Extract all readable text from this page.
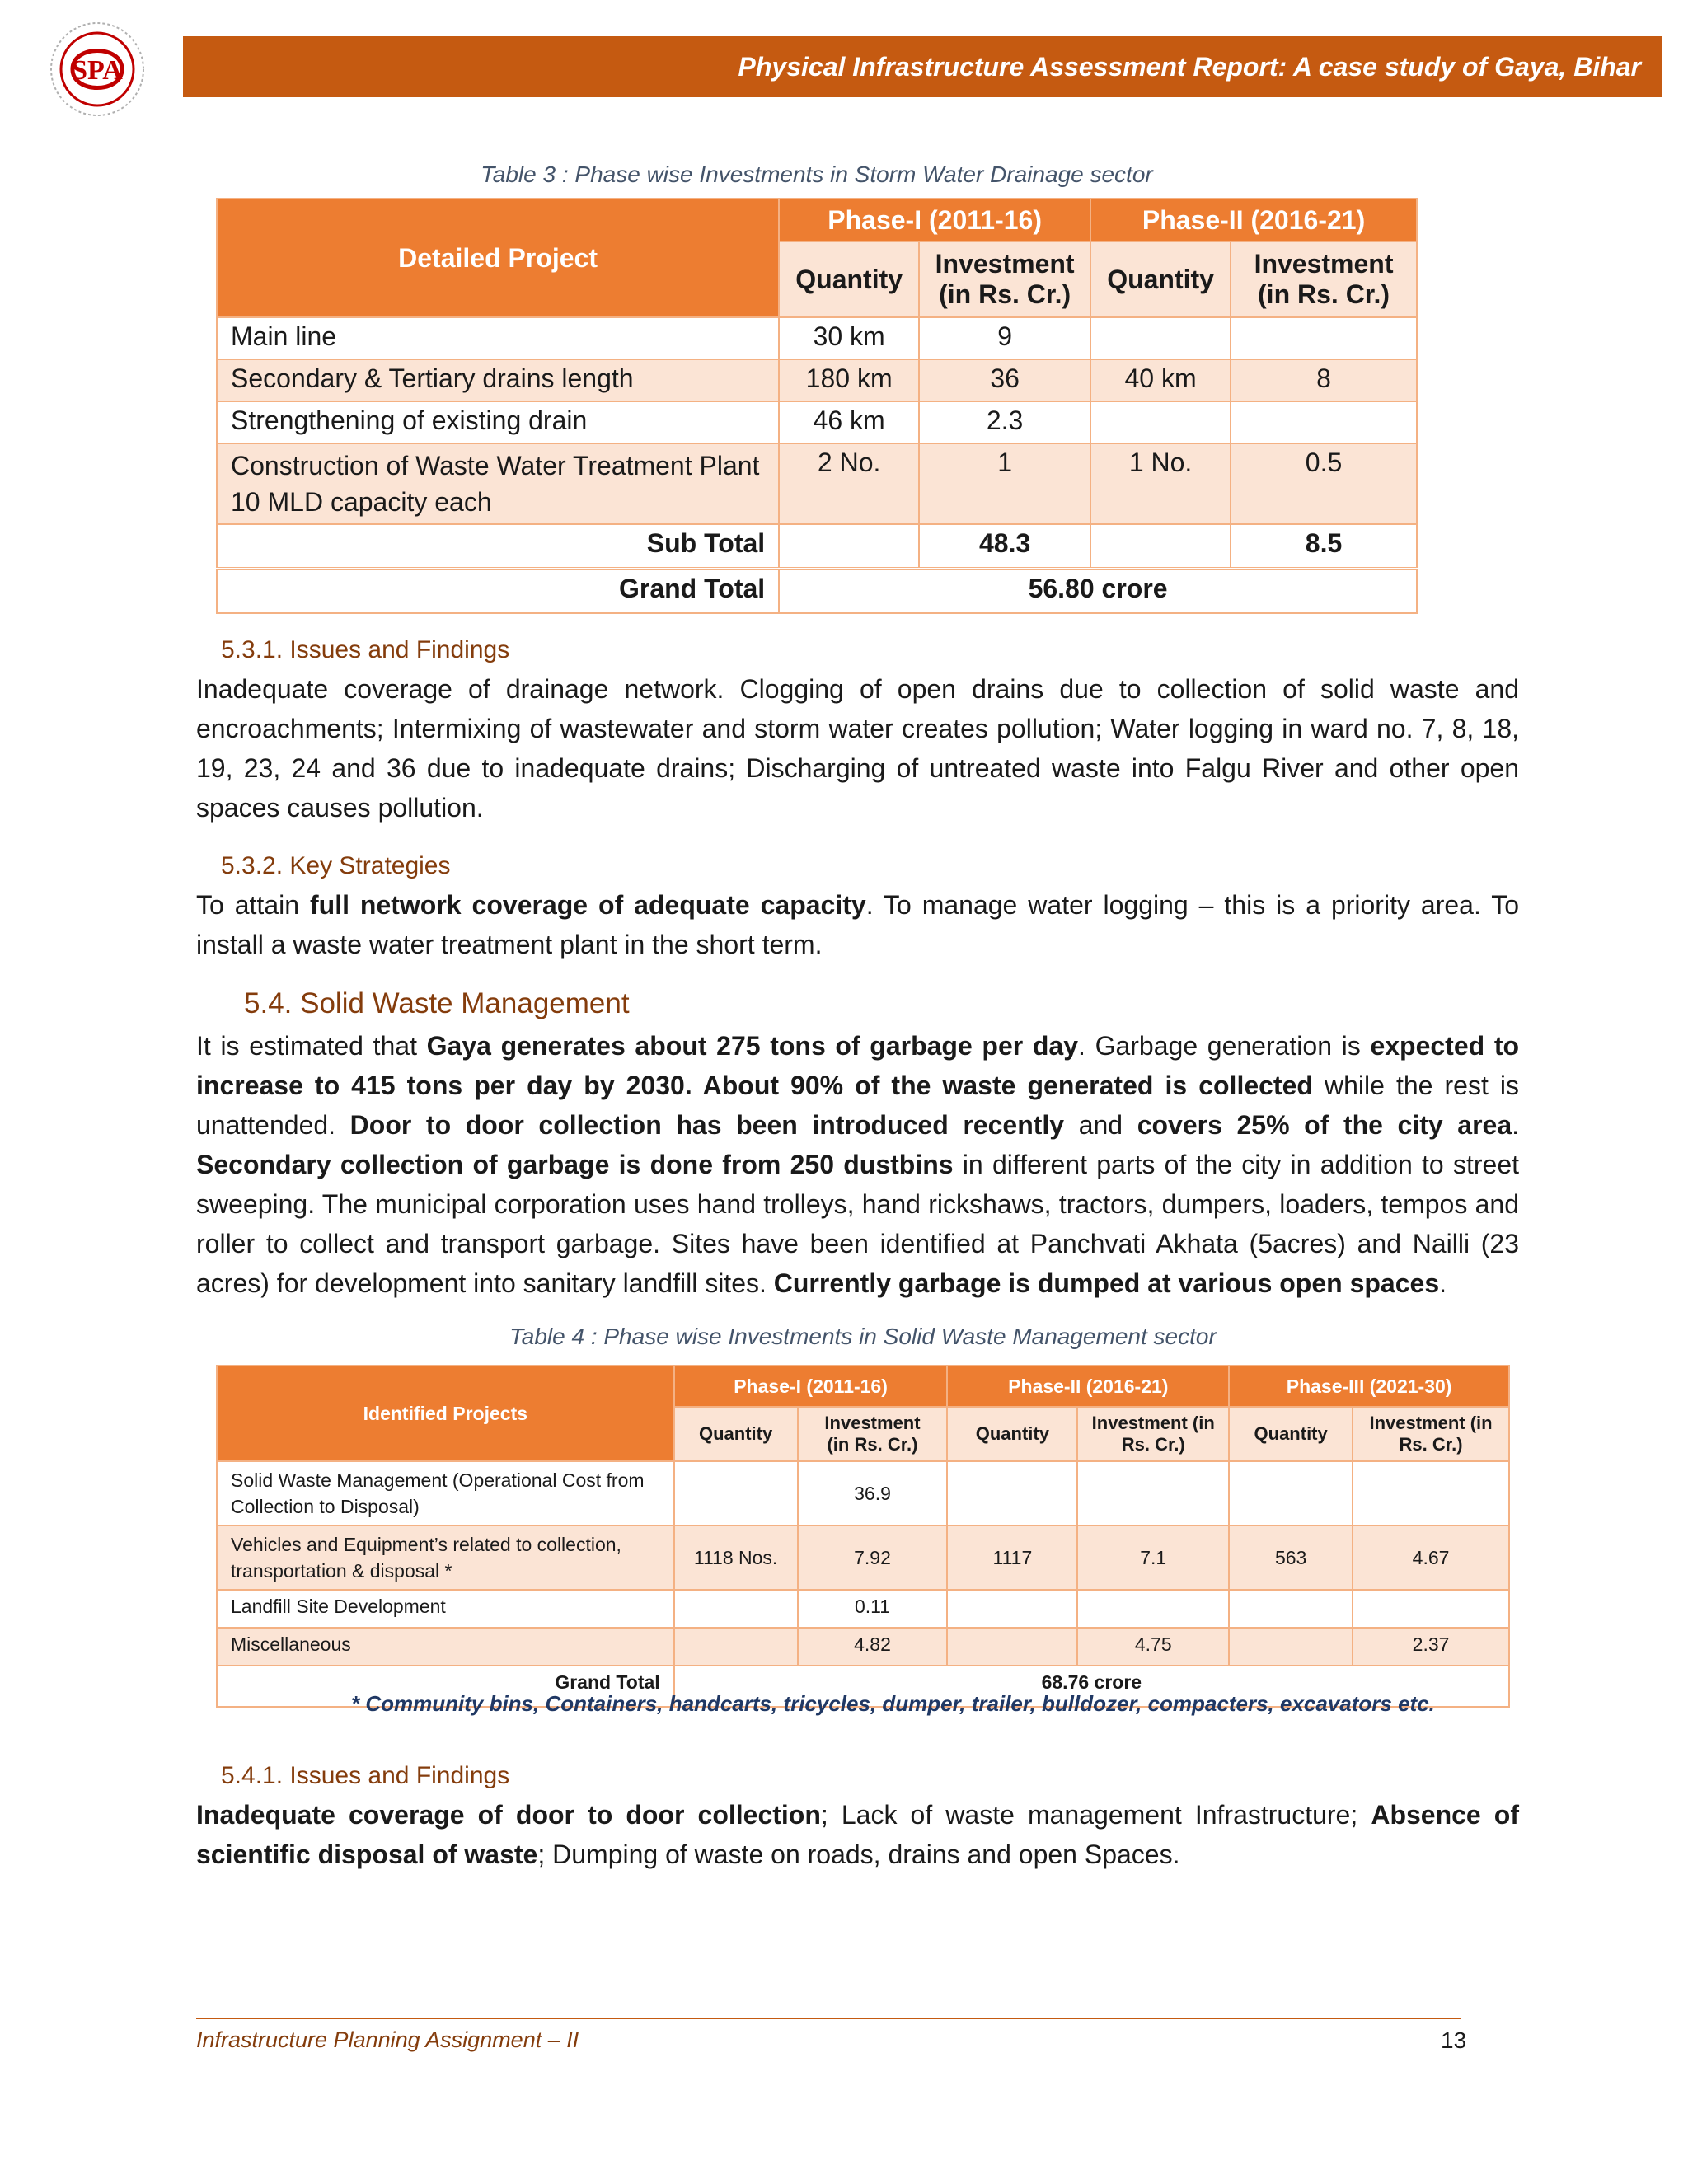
SPA	Physical Infrastructure Assessment Report: A case study of Gaya, Bihar
Table 3 : Phase wise Investments in Storm Water Drainage sector
Detailed Project	Phase-I (2011-16)		Phase-II (2016-21)	
	Quantity	Investment (in Rs. Cr.)	Quantity	Investment (in Rs. Cr.)
Main line	30 km	9		
Secondary & Tertiary drains length	180 km	36	40 km	8
Strengthening of existing drain	46 km	2.3		
Construction of Waste Water Treatment Plant 10 MLD capacity each	2 No.	1	1 No.	0.5
Sub Total		48.3		8.5
Grand Total	56.80 crore			
5.3.1. Issues and Findings
Inadequate coverage of drainage network. Clogging of open drains due to collection of solid waste and encroachments; Intermixing of wastewater and storm water creates pollution; Water logging in ward no. 7, 8, 18, 19, 23, 24 and 36 due to inadequate drains; Discharging of untreated waste into Falgu River and other open spaces causes pollution.
5.3.2. Key Strategies
To attain full network coverage of adequate capacity. To manage water logging – this is a priority area. To install a waste water treatment plant in the short term.
5.4. Solid Waste Management
It is estimated that Gaya generates about 275 tons of garbage per day. Garbage generation is expected to increase to 415 tons per day by 2030. About 90% of the waste generated is collected while the rest is unattended. Door to door collection has been introduced recently and covers 25% of the city area. Secondary collection of garbage is done from 250 dustbins in different parts of the city in addition to street sweeping. The municipal corporation uses hand trolleys, hand rickshaws, tractors, dumpers, loaders, tempos and roller to collect and transport garbage. Sites have been identified at Panchvati Akhata (5acres) and Nailli (23 acres) for development into sanitary landfill sites. Currently garbage is dumped at various open spaces.
Table 4 : Phase wise Investments in Solid Waste Management sector
Identified Projects	Phase-I (2011-16)		Phase-II (2016-21)		Phase-III (2021-30)	
	Quantity	Investment (in Rs. Cr.)	Quantity	Investment (in Rs. Cr.)	Quantity	Investment (in Rs. Cr.)
Solid Waste Management (Operational Cost from Collection to Disposal)		36.9				
Vehicles and Equipment’s related to collection, transportation & disposal *	1118 Nos.	7.92	1117	7.1	563	4.67
Landfill Site Development		0.11				
Miscellaneous		4.82		4.75		2.37
Grand Total	68.76 crore					
* Community bins, Containers, handcarts, tricycles, dumper, trailer, bulldozer, compacters, excavators etc.
5.4.1. Issues and Findings
Inadequate coverage of door to door collection; Lack of waste management Infrastructure; Absence of scientific disposal of waste; Dumping of waste on roads, drains and open Spaces.
Infrastructure Planning Assignment – II	13
